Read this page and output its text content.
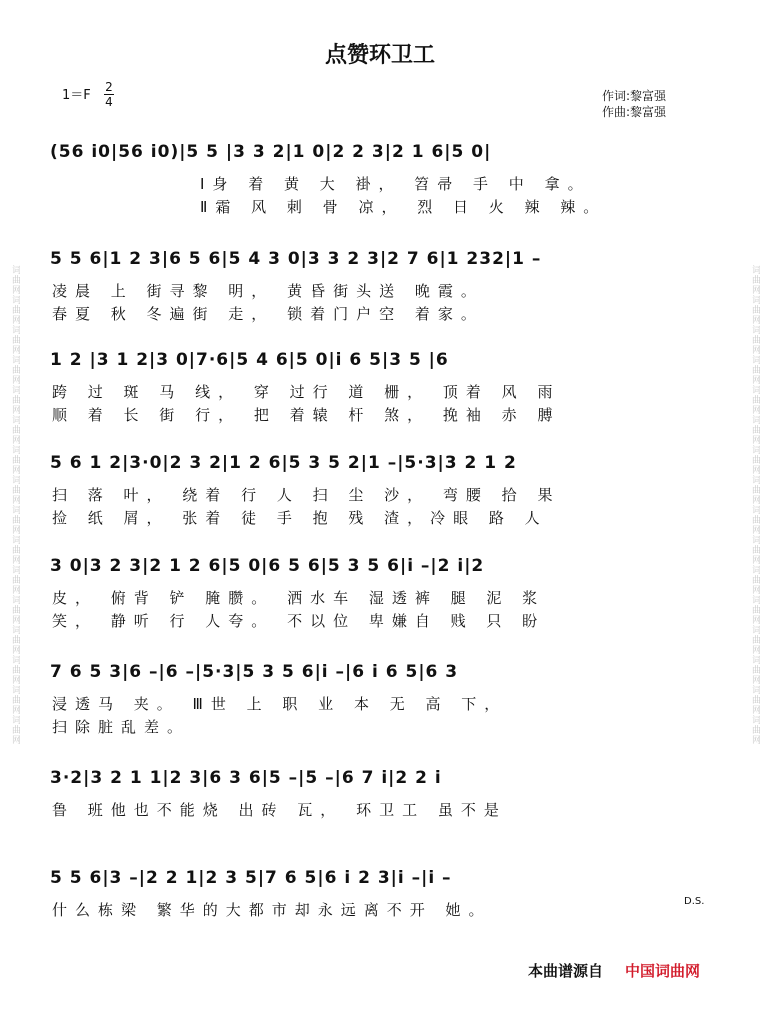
词曲网词曲网词曲网词曲网词曲网词曲网词曲网词曲网词曲网词曲网词曲网词曲网词曲网词曲网词曲网词曲网	词曲网词曲网词曲网词曲网词曲网词曲网词曲网词曲网词曲网词曲网词曲网词曲网词曲网词曲网词曲网词曲网
点赞环卫工
1＝F
2
4	作词:黎富强
作曲:黎富强
(56 i0|56 i0)|5 5 |3 3 2|1 0|2 2 3|2 1 6|5 0|
Ⅰ身 着 黄 大 褂， 笤帚 手 中 拿。
Ⅱ霜 风 刺 骨 凉， 烈 日 火 辣 辣。
5 5 6|1 2 3|6 5 6|5 4 3 0|3 3 2 3|2 7 6|1 232|1 –
凌晨 上 街寻黎 明， 黄昏街头送 晚霞。
春夏 秋 冬遍街 走， 锁着门户空 着家。
1 2 |3 1 2|3 0|7·6|5 4 6|5 0|i 6 5|3 5 |6
跨 过 斑 马 线， 穿 过行 道 栅， 顶着 风 雨
顺 着 长 街 行， 把 着辕 杆 煞， 挽袖 赤 膊
5 6 1 2|3·0|2 3 2|1 2 6|5 3 5 2|1 –|5·3|3 2 1 2
扫 落 叶， 绕着 行 人 扫 尘 沙， 弯腰 拾 果
捡 纸 屑， 张着 徒 手 抱 残 渣，冷眼 路 人
3 0|3 2 3|2 1 2 6|5 0|6 5 6|5 3 5 6|i –|2 i|2
皮， 俯背 铲 腌臜。 洒水车 湿透裤 腿 泥 浆
笑， 静听 行 人夸。 不以位 卑嫌自 贱 只 盼
7 6 5 3|6 –|6 –|5·3|5 3 5 6|i –|6 i 6 5|6 3
浸透马 夹。 Ⅲ世 上 职 业 本 无 高 下，
扫除脏乱差。
3·2|3 2 1 1|2 3|6 3 6|5 –|5 –|6 7 i|2 2 i
鲁 班他也不能烧 出砖 瓦， 环卫工 虽不是
5 5 6|3 –|2 2 1|2 3 5|7 6 5|6 i 2 3|i –|i –
什么栋梁 繁华的大都市却永远离不开 她。	D.S.
本曲谱源自 中国词曲网
